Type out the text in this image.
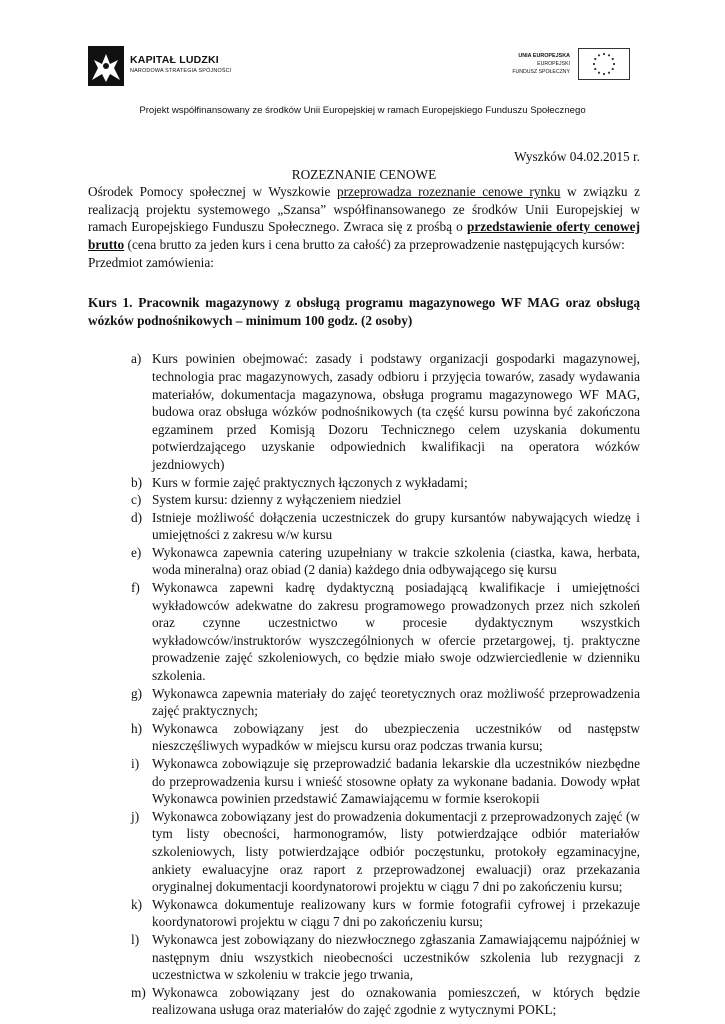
KAPITAŁ LUDZKI
NARODOWA STRATEGIA SPÓJNOŚCI
UNIA EUROPEJSKA
EUROPEJSKI
FUNDUSZ SPOŁECZNY
Projekt współfinansowany ze środków Unii Europejskiej w ramach Europejskiego Funduszu Społecznego

Wyszków 04.02.2015 r.

ROZEZNANIE CENOWE

Ośrodek Pomocy społecznej w Wyszkowie przeprowadza rozeznanie cenowe rynku w związku z realizacją projektu systemowego „Szansa” współfinansowanego ze środków Unii Europejskiej w ramach Europejskiego Funduszu Społecznego. Zwraca się z prośbą o przedstawienie oferty cenowej brutto (cena brutto za jeden kurs i cena brutto za całość) za przeprowadzenie następujących kursów:

Przedmiot zamówienia:

Kurs 1. Pracownik magazynowy z obsługą programu magazynowego WF MAG oraz obsługą wózków podnośnikowych – minimum 100 godz. (2 osoby)

a) Kurs powinien obejmować: zasady i podstawy organizacji gospodarki magazynowej, technologia prac magazynowych, zasady odbioru i przyjęcia towarów, zasady wydawania materiałów, dokumentacja magazynowa, obsługa programu magazynowego WF MAG, budowa oraz obsługa wózków podnośnikowych (ta część kursu powinna być zakończona egzaminem przed Komisją Dozoru Technicznego celem uzyskania dokumentu potwierdzającego uzyskanie odpowiednich kwalifikacji na operatora wózków jezdniowych)
b) Kurs w formie zajęć praktycznych łączonych z wykładami;
c) System kursu: dzienny z wyłączeniem niedziel
d) Istnieje możliwość dołączenia uczestniczek do grupy kursantów nabywających wiedzę i umiejętności z zakresu w/w kursu
e) Wykonawca zapewnia catering uzupełniany w trakcie szkolenia (ciastka, kawa, herbata, woda mineralna) oraz obiad (2 dania) każdego dnia odbywającego się kursu
f) Wykonawca zapewni kadrę dydaktyczną posiadającą kwalifikacje i umiejętności wykładowców adekwatne do zakresu programowego prowadzonych przez nich szkoleń oraz czynne uczestnictwo w procesie dydaktycznym wszystkich wykładowców/instruktorów wyszczególnionych w ofercie przetargowej, tj. praktyczne prowadzenie zajęć szkoleniowych, co będzie miało swoje odzwierciedlenie w dzienniku szkolenia.
g) Wykonawca zapewnia materiały do zajęć teoretycznych oraz możliwość przeprowadzenia zajęć praktycznych;
h) Wykonawca zobowiązany jest do ubezpieczenia uczestników od następstw nieszczęśliwych wypadków w miejscu kursu oraz podczas trwania kursu;
i) Wykonawca zobowiązuje się przeprowadzić badania lekarskie dla uczestników niezbędne do przeprowadzenia kursu i wnieść stosowne opłaty za wykonane badania. Dowody wpłat Wykonawca powinien przedstawić Zamawiającemu w formie kserokopii
j) Wykonawca zobowiązany jest do prowadzenia dokumentacji z przeprowadzonych zajęć (w tym listy obecności, harmonogramów, listy potwierdzające odbiór materiałów szkoleniowych, listy potwierdzające odbiór poczęstunku, protokoły egzaminacyjne, ankiety ewaluacyjne oraz raport z przeprowadzonej ewaluacji) oraz przekazania oryginalnej dokumentacji koordynatorowi projektu w ciągu 7 dni po zakończeniu kursu;
k) Wykonawca dokumentuje realizowany kurs w formie fotografii cyfrowej i przekazuje koordynatorowi projektu w ciągu 7 dni po zakończeniu kursu;
l) Wykonawca jest zobowiązany do niezwłocznego zgłaszania Zamawiającemu najpóźniej w następnym dniu wszystkich nieobecności uczestników szkolenia lub rezygnacji z uczestnictwa w szkoleniu w trakcie jego trwania,
m) Wykonawca zobowiązany jest do oznakowania pomieszczeń, w których będzie realizowana usługa oraz materiałów do zajęć zgodnie z wytycznymi POKL;
